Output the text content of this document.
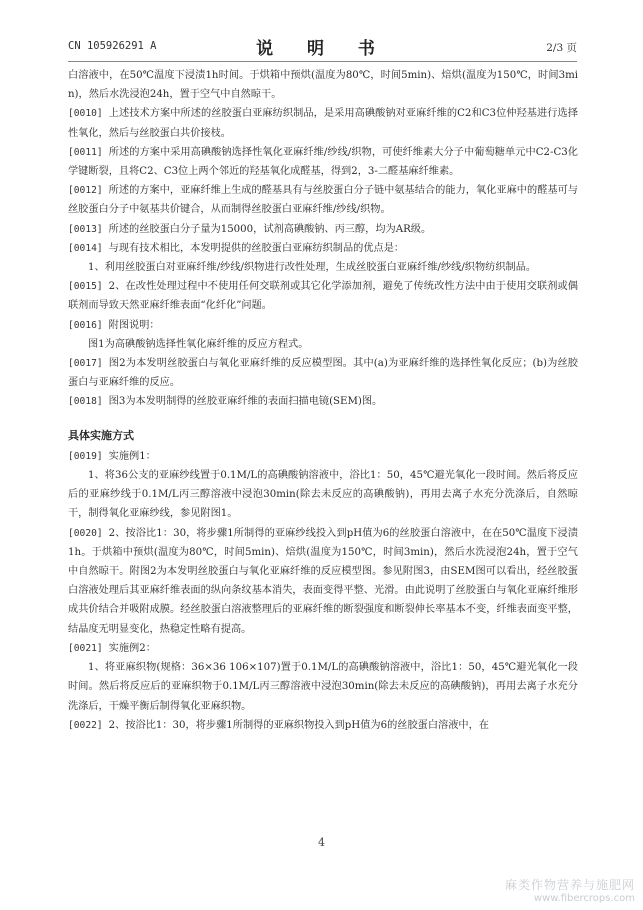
CN 105926291 A	说 明 书	2/3 页

白溶液中，在50℃温度下浸渍1h时间。于烘箱中预烘(温度为80℃，时间5min)、焙烘(温度为150℃，时间3min)，然后水洗浸泡24h，置于空气中自然晾干。

[0010] 上述技术方案中所述的丝胶蛋白亚麻纺织制品，是采用高碘酸钠对亚麻纤维的C2和C3位仲羟基进行选择性氧化，然后与丝胶蛋白共价接枝。

[0011] 所述的方案中采用高碘酸钠选择性氧化亚麻纤维/纱线/织物，可使纤维素大分子中葡萄糖单元中C2-C3化学键断裂，且将C2、C3位上两个邻近的羟基氧化成醛基，得到2，3-二醛基麻纤维素。

[0012] 所述的方案中，亚麻纤维上生成的醛基具有与丝胶蛋白分子链中氨基结合的能力，氧化亚麻中的醛基可与丝胶蛋白分子中氨基共价键合，从而制得丝胶蛋白亚麻纤维/纱线/织物。

[0013] 所述的丝胶蛋白分子量为15000，试剂高碘酸钠、丙三醇，均为AR级。

[0014] 与现有技术相比，本发明提供的丝胶蛋白亚麻纺织制品的优点是：

1、利用丝胶蛋白对亚麻纤维/纱线/织物进行改性处理，生成丝胶蛋白亚麻纤维/纱线/织物纺织制品。

[0015] 2、在改性处理过程中不使用任何交联剂或其它化学添加剂，避免了传统改性方法中由于使用交联剂或偶联剂而导致天然亚麻纤维表面“化纤化”问题。

[0016] 附图说明：

图1为高碘酸钠选择性氧化麻纤维的反应方程式。

[0017] 图2为本发明丝胶蛋白与氧化亚麻纤维的反应模型图。其中(a)为亚麻纤维的选择性氧化反应；(b)为丝胶蛋白与亚麻纤维的反应。

[0018] 图3为本发明制得的丝胶亚麻纤维的表面扫描电镜(SEM)图。

具体实施方式

[0019] 实施例1：

1、将36公支的亚麻纱线置于0.1M/L的高碘酸钠溶液中，浴比1：50，45℃避光氧化一段时间。然后将反应后的亚麻纱线于0.1M/L丙三醇溶液中浸泡30min(除去未反应的高碘酸钠)，再用去离子水充分洗涤后，自然晾干，制得氧化亚麻纱线，参见附图1。

[0020] 2、按浴比1：30，将步骤1所制得的亚麻纱线投入到pH值为6的丝胶蛋白溶液中，在在50℃温度下浸渍1h。于烘箱中预烘(温度为80℃，时间5min)、焙烘(温度为150℃，时间3min)，然后水洗浸泡24h，置于空气中自然晾干。附图2为本发明丝胶蛋白与氧化亚麻纤维的反应模型图。参见附图3，由SEM图可以看出，经丝胶蛋白溶液处理后其亚麻纤维表面的纵向条纹基本消失，表面变得平整、光滑。由此说明了丝胶蛋白与氧化亚麻纤维形成共价结合并吸附成膜。经丝胶蛋白溶液整理后的亚麻纤维的断裂强度和断裂伸长率基本不变，纤维表面变平整，结晶度无明显变化，热稳定性略有提高。

[0021] 实施例2：

1、将亚麻织物(规格：36×36 106×107)置于0.1M/L的高碘酸钠溶液中，浴比1：50，45℃避光氧化一段时间。然后将反应后的亚麻织物于0.1M/L丙三醇溶液中浸泡30min(除去未反应的高碘酸钠)，再用去离子水充分洗涤后，干燥平衡后制得氧化亚麻织物。

[0022] 2、按浴比1：30，将步骤1所制得的亚麻织物投入到pH值为6的丝胶蛋白溶液中，在

4
麻类作物营养与施肥网
www.fibercrops.com
